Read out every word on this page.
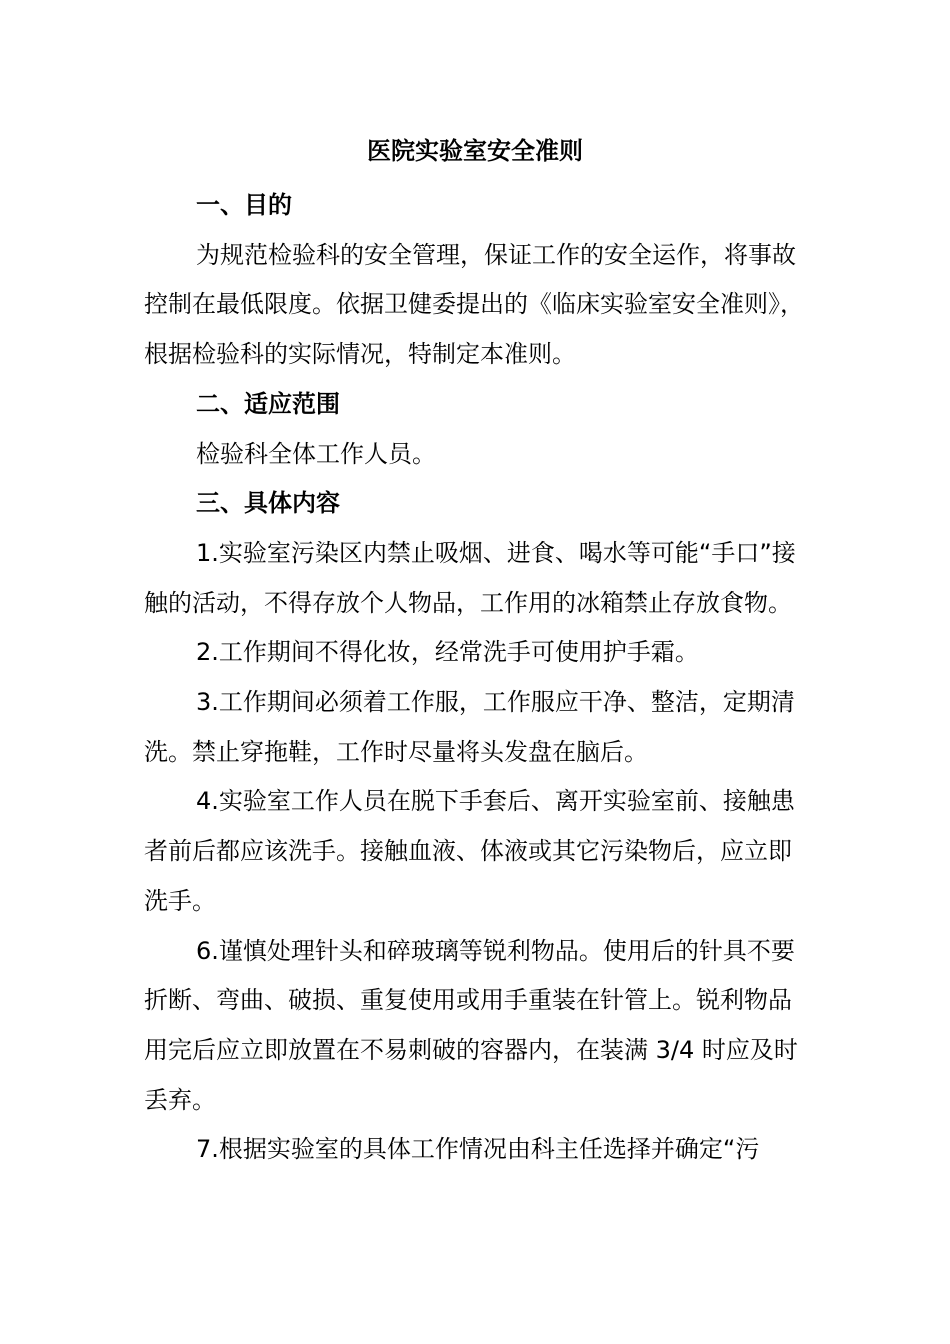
医院实验室安全准则

一、目的

为规范检验科的安全管理，保证工作的安全运作，将事故控制在最低限度。依据卫健委提出的《临床实验室安全准则》，根据检验科的实际情况，特制定本准则。

二、适应范围

检验科全体工作人员。

三、具体内容

1.实验室污染区内禁止吸烟、进食、喝水等可能“手口”接触的活动，不得存放个人物品，工作用的冰箱禁止存放食物。

2.工作期间不得化妆，经常洗手可使用护手霜。

3.工作期间必须着工作服，工作服应干净、整洁，定期清洗。禁止穿拖鞋，工作时尽量将头发盘在脑后。

4.实验室工作人员在脱下手套后、离开实验室前、接触患者前后都应该洗手。接触血液、体液或其它污染物后，应立即洗手。

6.谨慎处理针头和碎玻璃等锐利物品。使用后的针具不要折断、弯曲、破损、重复使用或用手重装在针管上。锐利物品用完后应立即放置在不易刺破的容器内，在装满 3/4 时应及时丢弃。

7.根据实验室的具体工作情况由科主任选择并确定“污
